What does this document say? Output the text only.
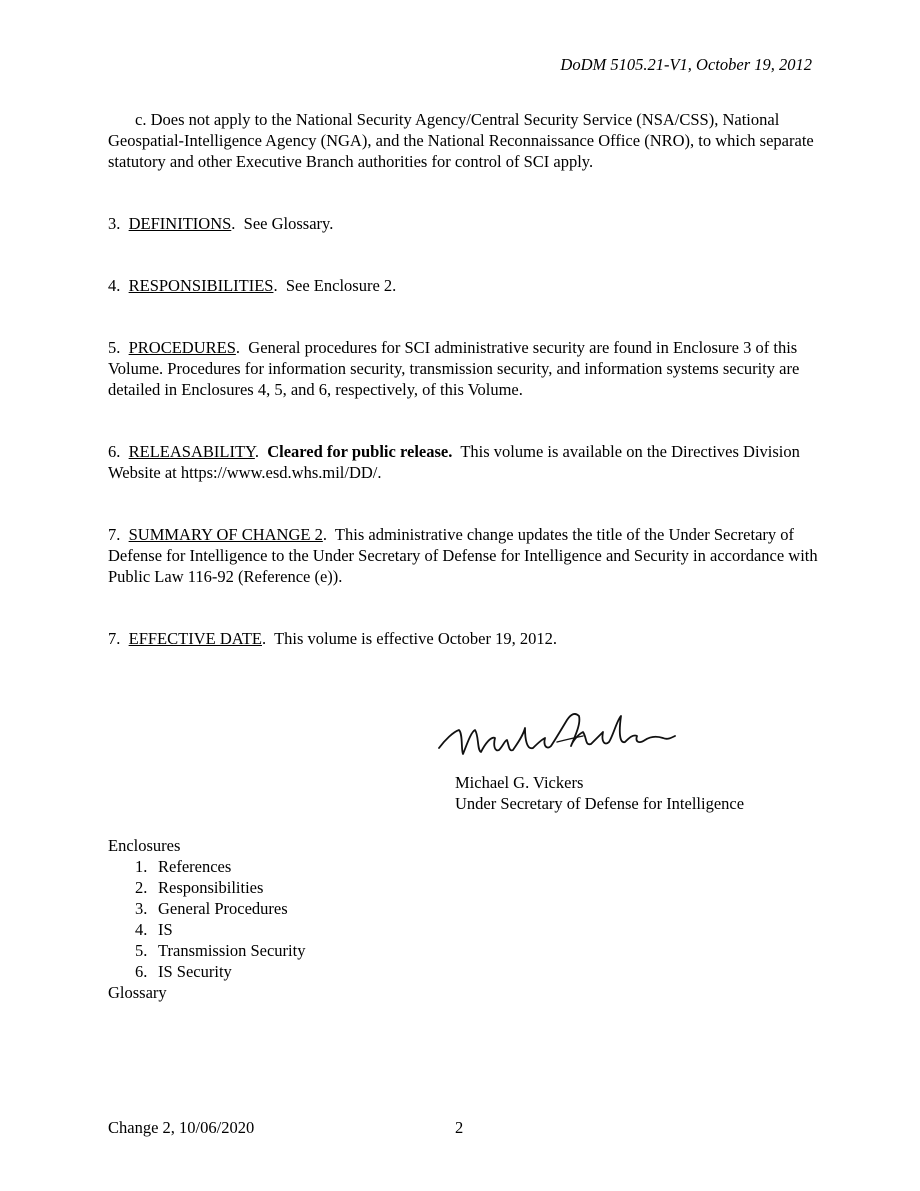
DoDM 5105.21-V1, October 19, 2012

c. Does not apply to the National Security Agency/Central Security Service (NSA/CSS), National Geospatial-Intelligence Agency (NGA), and the National Reconnaissance Office (NRO), to which separate statutory and other Executive Branch authorities for control of SCI apply.

3. DEFINITIONS.  See Glossary.

4. RESPONSIBILITIES.  See Enclosure 2.

5. PROCEDURES.  General procedures for SCI administrative security are found in Enclosure 3 of this Volume. Procedures for information security, transmission security, and information systems security are detailed in Enclosures 4, 5, and 6, respectively, of this Volume.

6. RELEASABILITY.  Cleared for public release. This volume is available on the Directives Division Website at https://www.esd.whs.mil/DD/.

7. SUMMARY OF CHANGE 2.  This administrative change updates the title of the Under Secretary of Defense for Intelligence to the Under Secretary of Defense for Intelligence and Security in accordance with Public Law 116-92 (Reference (e)).

7. EFFECTIVE DATE.  This volume is effective October 19, 2012.

Michael G. Vickers
Under Secretary of Defense for Intelligence
Enclosures
1. References
2. Responsibilities
3. General Procedures
4. IS
5. Transmission Security
6. IS Security
Glossary
Change 2, 10/06/2020	2
